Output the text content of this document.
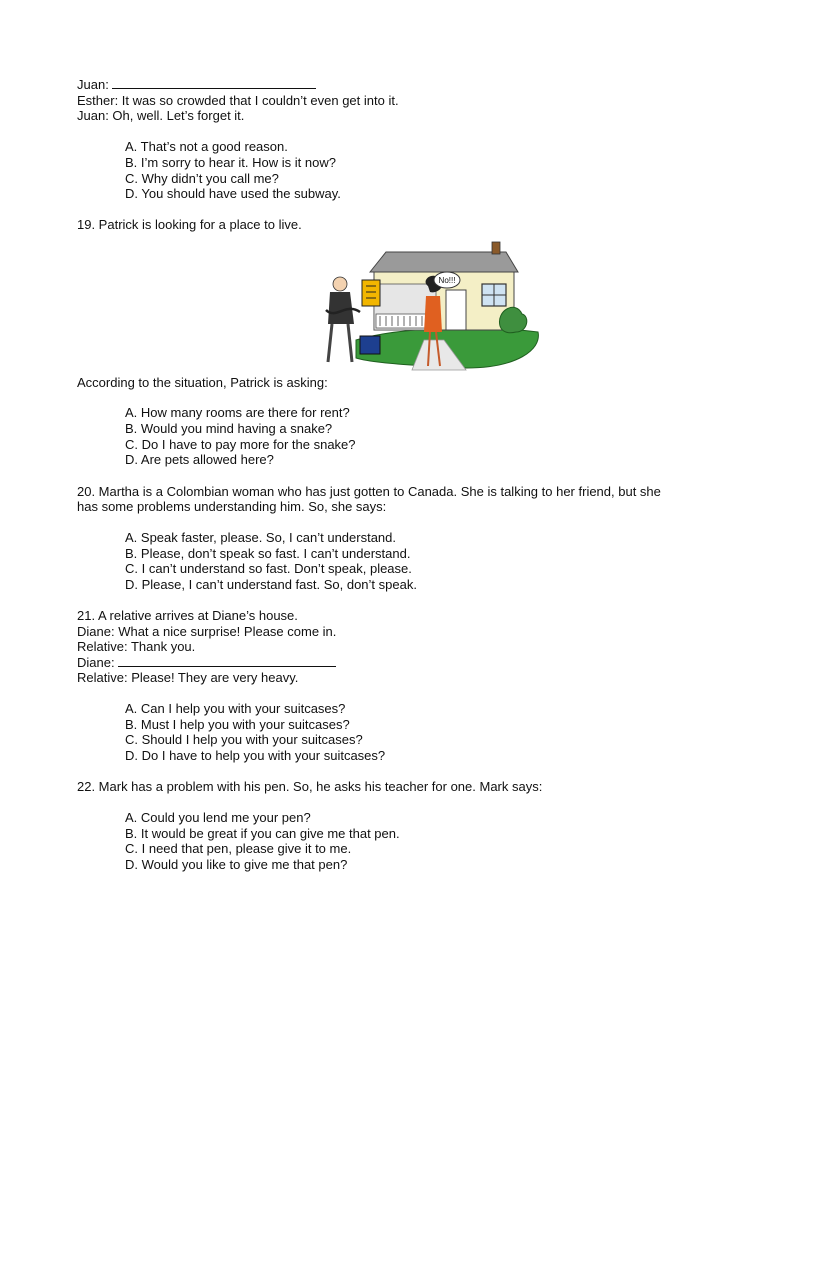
Juan:
Esther: It was so crowded that I couldn’t even get into it.
Juan: Oh, well. Let’s forget it.
A. That’s not a good reason.
B. I’m sorry to hear it. How is it now?
C. Why didn’t you call me?
D. You should have used the subway.
19. Patrick is looking for a place to live.
No!!!
According to the situation, Patrick is asking:
A. How many rooms are there for rent?
B. Would you mind having a snake?
C. Do I have to pay more for the snake?
D. Are pets allowed here?
20. Martha is a Colombian woman who has just gotten to Canada. She is talking to her friend, but she
has some problems understanding him. So, she says:
A. Speak faster, please. So, I can’t understand.
B. Please, don’t speak so fast. I can’t understand.
C. I can’t understand so fast. Don’t speak, please.
D. Please, I can’t understand fast. So, don’t speak.
21. A relative arrives at Diane’s house.
Diane: What a nice surprise! Please come in.
Relative: Thank you.
Diane:
Relative: Please! They are very heavy.
A. Can I help you with your suitcases?
B. Must I help you with your suitcases?
C. Should I help you with your suitcases?
D. Do I have to help you with your suitcases?
22. Mark has a problem with his pen. So, he asks his teacher for one. Mark says:
A. Could you lend me your pen?
B. It would be great if you can give me that pen.
C. I need that pen, please give it to me.
D. Would you like to give me that pen?
